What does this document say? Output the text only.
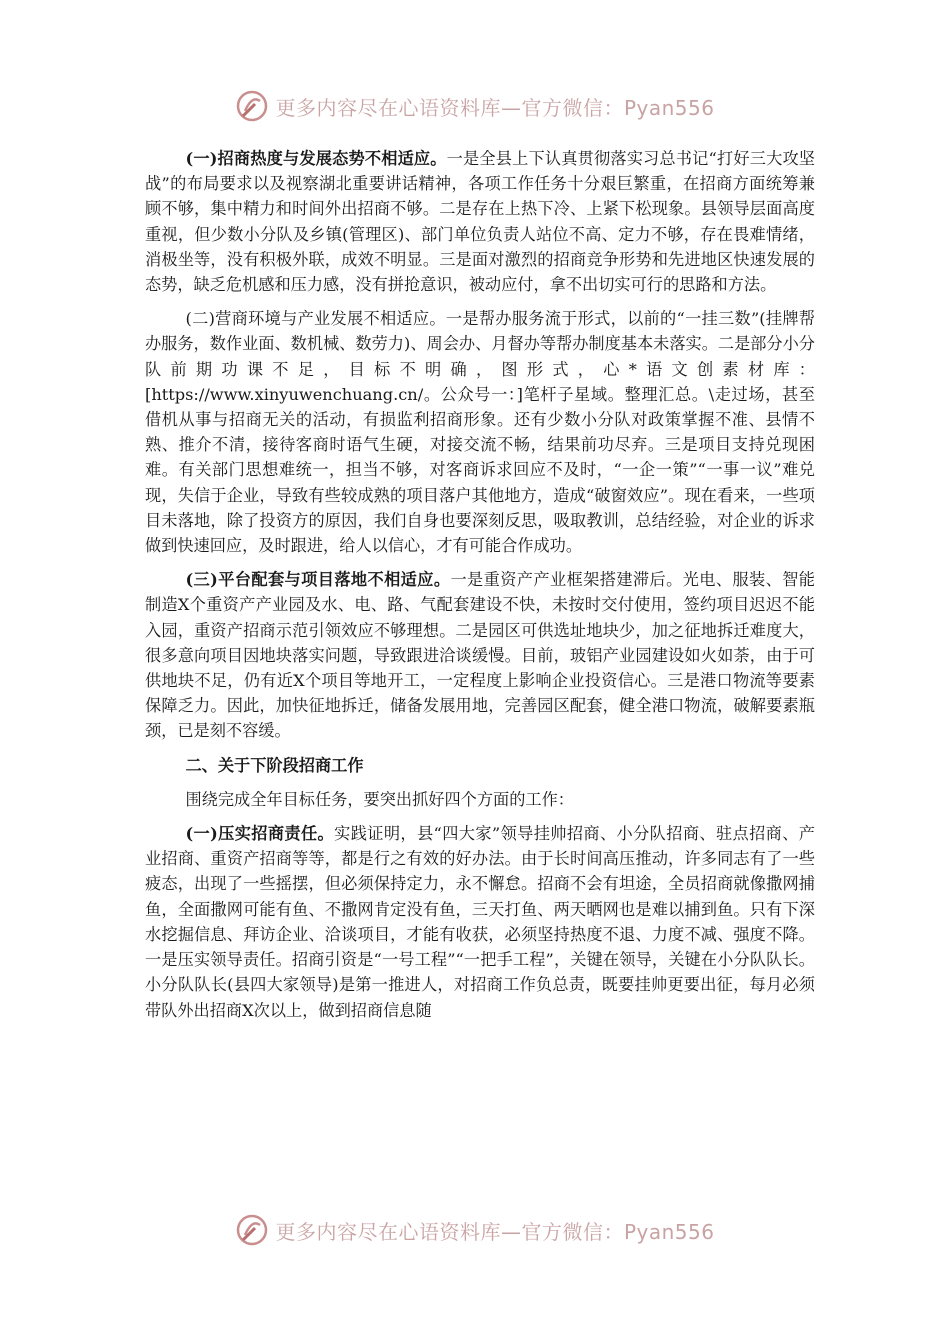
更多内容尽在心语资料库—官方微信：Pyan556

(一)招商热度与发展态势不相适应。一是全县上下认真贯彻落实习总书记“打好三大攻坚战”的布局要求以及视察湖北重要讲话精神，各项工作任务十分艰巨繁重，在招商方面统筹兼顾不够，集中精力和时间外出招商不够。二是存在上热下冷、上紧下松现象。县领导层面高度重视，但少数小分队及乡镇(管理区)、部门单位负责人站位不高、定力不够，存在畏难情绪，消极坐等，没有积极外联，成效不明显。三是面对激烈的招商竞争形势和先进地区快速发展的态势，缺乏危机感和压力感，没有拼抢意识，被动应付，拿不出切实可行的思路和方法。

(二)营商环境与产业发展不相适应。一是帮办服务流于形式，以前的“一挂三数”(挂牌帮办服务，数作业面、数机械、数劳力)、周会办、月督办等帮办制度基本未落实。二是部分小分队前期功课不足，目标不明确，图形式，心*语文创素材库：[https://www.xinyuwenchuang.cn/。公众号一：]笔杆子星域。整理汇总。\走过场，甚至借机从事与招商无关的活动，有损监利招商形象。还有少数小分队对政策掌握不准、县情不熟、推介不清，接待客商时语气生硬，对接交流不畅，结果前功尽弃。三是项目支持兑现困难。有关部门思想难统一，担当不够，对客商诉求回应不及时，“一企一策”“一事一议”难兑现，失信于企业，导致有些较成熟的项目落户其他地方，造成“破窗效应”。现在看来，一些项目未落地，除了投资方的原因，我们自身也要深刻反思，吸取教训，总结经验，对企业的诉求做到快速回应，及时跟进，给人以信心，才有可能合作成功。

(三)平台配套与项目落地不相适应。一是重资产产业框架搭建滞后。光电、服装、智能制造X个重资产产业园及水、电、路、气配套建设不快，未按时交付使用，签约项目迟迟不能入园，重资产招商示范引领效应不够理想。二是园区可供选址地块少，加之征地拆迁难度大，很多意向项目因地块落实问题，导致跟进洽谈缓慢。目前，玻铝产业园建设如火如荼，由于可供地块不足，仍有近X个项目等地开工，一定程度上影响企业投资信心。三是港口物流等要素保障乏力。因此，加快征地拆迁，储备发展用地，完善园区配套，健全港口物流，破解要素瓶颈，已是刻不容缓。

二、关于下阶段招商工作

围绕完成全年目标任务，要突出抓好四个方面的工作：

(一)压实招商责任。实践证明，县“四大家”领导挂帅招商、小分队招商、驻点招商、产业招商、重资产招商等等，都是行之有效的好办法。由于长时间高压推动，许多同志有了一些疲态，出现了一些摇摆，但必须保持定力，永不懈怠。招商不会有坦途，全员招商就像撒网捕鱼，全面撒网可能有鱼、不撒网肯定没有鱼，三天打鱼、两天晒网也是难以捕到鱼。只有下深水挖掘信息、拜访企业、洽谈项目，才能有收获，必须坚持热度不退、力度不减、强度不降。一是压实领导责任。招商引资是“一号工程”“一把手工程”，关键在领导，关键在小分队队长。小分队队长(县四大家领导)是第一推进人，对招商工作负总责，既要挂帅更要出征，每月必须带队外出招商X次以上，做到招商信息随

更多内容尽在心语资料库—官方微信：Pyan556
